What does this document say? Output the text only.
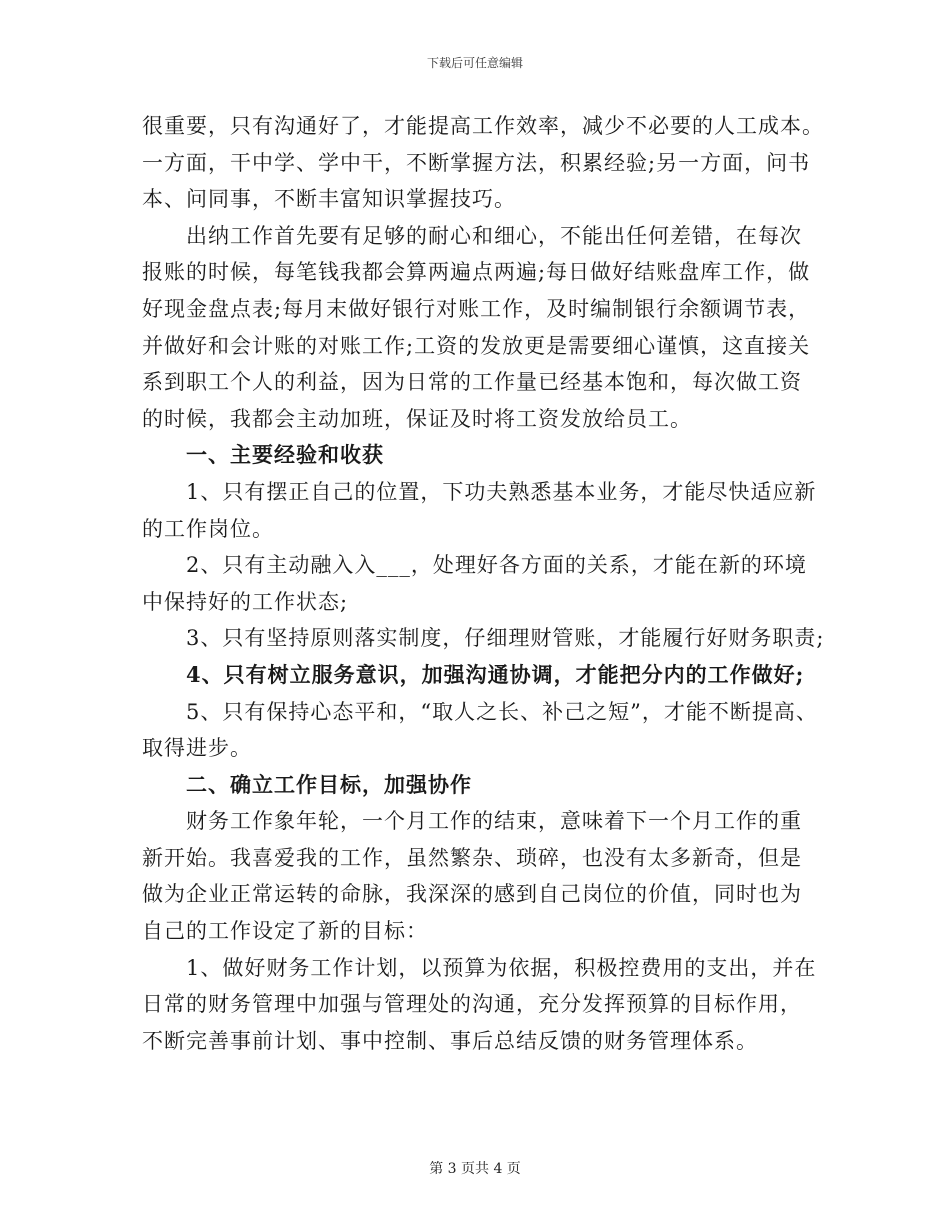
下载后可任意编辑
很重要，只有沟通好了，才能提高工作效率，减少不必要的人工成本。
一方面，干中学、学中干，不断掌握方法，积累经验;另一方面，问书
本、问同事，不断丰富知识掌握技巧。
出纳工作首先要有足够的耐心和细心，不能出任何差错，在每次
报账的时候，每笔钱我都会算两遍点两遍;每日做好结账盘库工作，做
好现金盘点表;每月末做好银行对账工作，及时编制银行余额调节表，
并做好和会计账的对账工作;工资的发放更是需要细心谨慎，这直接关
系到职工个人的利益，因为日常的工作量已经基本饱和，每次做工资
的时候，我都会主动加班，保证及时将工资发放给员工。
一、主要经验和收获
1、只有摆正自己的位置，下功夫熟悉基本业务，才能尽快适应新
的工作岗位。
2、只有主动融入入___，处理好各方面的关系，才能在新的环境
中保持好的工作状态;
3、只有坚持原则落实制度，仔细理财管账，才能履行好财务职责;
4、只有树立服务意识，加强沟通协调，才能把分内的工作做好;
5、只有保持心态平和，“取人之长、补己之短”，才能不断提高、
取得进步。
二、确立工作目标，加强协作
财务工作象年轮，一个月工作的结束，意味着下一个月工作的重
新开始。我喜爱我的工作，虽然繁杂、琐碎，也没有太多新奇，但是
做为企业正常运转的命脉，我深深的感到自己岗位的价值，同时也为
自己的工作设定了新的目标：
1、做好财务工作计划，以预算为依据，积极控费用的支出，并在
日常的财务管理中加强与管理处的沟通，充分发挥预算的目标作用，
不断完善事前计划、事中控制、事后总结反馈的财务管理体系。
第 3 页共 4 页
